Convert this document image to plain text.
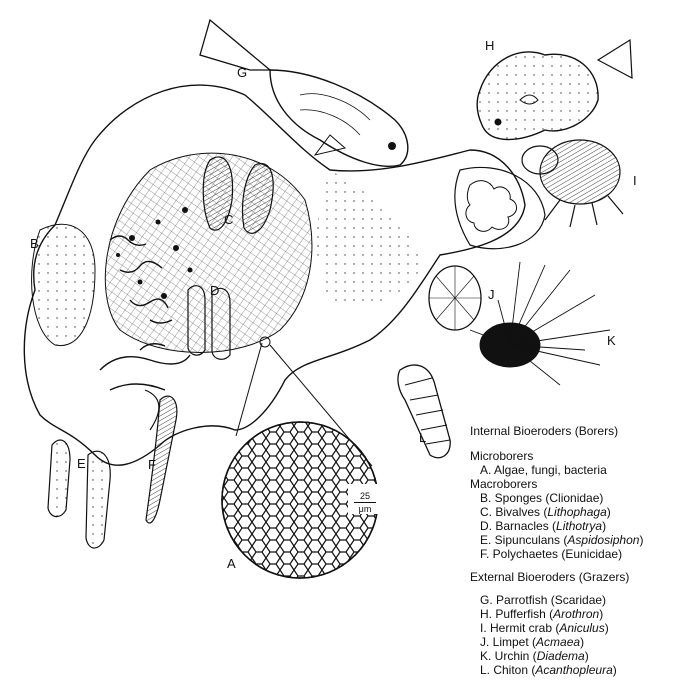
A
B
C
D
E	F
G
H
I
J
K
L
25
μm
Internal Bioeroders (Borers)
Microborers
A. Algae, fungi, bacteria
Macroborers
B. Sponges (Clionidae)
C. Bivalves (Lithophaga)
D. Barnacles (Lithotrya)
E. Sipunculans (Aspidosiphon)
F. Polychaetes (Eunicidae)
External Bioeroders (Grazers)
G. Parrotfish (Scaridae)
H. Pufferfish (Arothron)
I. Hermit crab (Aniculus)
J. Limpet (Acmaea)
K. Urchin (Diadema)
L. Chiton (Acanthopleura)
